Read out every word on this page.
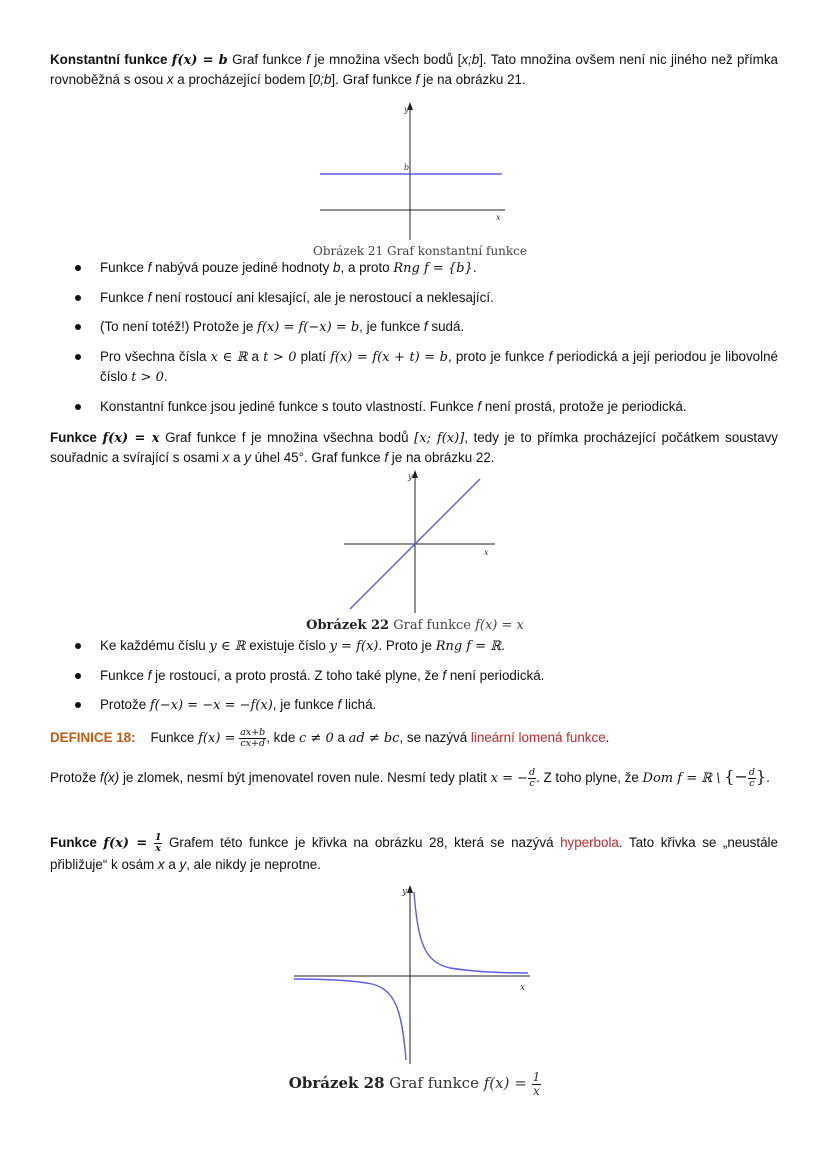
Konstantní funkce f(x) = b Graf funkce f je množina všech bodů [x;b]. Tato množina ovšem není nic jiného než přímka rovnoběžná s osou x a procházející bodem [0;b]. Graf funkce f je na obrázku 21.

y
b
x
Obrázek 21 Graf konstantní funkce
Funkce f nabývá pouze jediné hodnoty b, a proto Rng f = {b}.
Funkce f není rostoucí ani klesající, ale je nerostoucí a neklesající.
(To není totéž!) Protože je f(x) = f(−x) = b, je funkce f sudá.
Pro všechna čísla x ∈ ℝ a t > 0 platí f(x) = f(x + t) = b, proto je funkce f periodická a její periodou je libovolné číslo t > 0.
Konstantní funkce jsou jediné funkce s touto vlastností. Funkce f není prostá, protože je periodická.

Funkce f(x) = x Graf funkce f je množina všechna bodů [x; f(x)], tedy je to přímka procházející počátkem soustavy souřadnic a svírající s osami x a y úhel 45°. Graf funkce f je na obrázku 22.

y
x
Obrázek 22 Graf funkce f(x) = x
Ke každému číslu y ∈ ℝ existuje číslo y = f(x). Proto je Rng f = ℝ.
Funkce f je rostoucí, a proto prostá. Z toho také plyne, že f není periodická.
Protože f(−x) = −x = −f(x), je funkce f lichá.

DEFINICE 18: Funkce $f(x) = \frac{ax+b}{cx+d}$ , kde c ≠ 0 a ad ≠ bc, se nazývá lineární lomená funkce.

Protože f(x) je zlomek, nesmí být jmenovatel roven nule. Nesmí tedy platit x = − $\frac{d}{c}$ . Z toho plyne, že Dom f = ℝ \ {− $\frac{d}{c}$ }.

Funkce $f(x) = \frac{1}{x}$ Grafem této funkce je křivka na obrázku 28, která se nazývá hyperbola. Tato křivka se „neustále přibližuje“ k osám x a y, ale nikdy je neprotne.

y
x
Obrázek 28 Graf funkce $f(x) = \frac{1}{x}$
